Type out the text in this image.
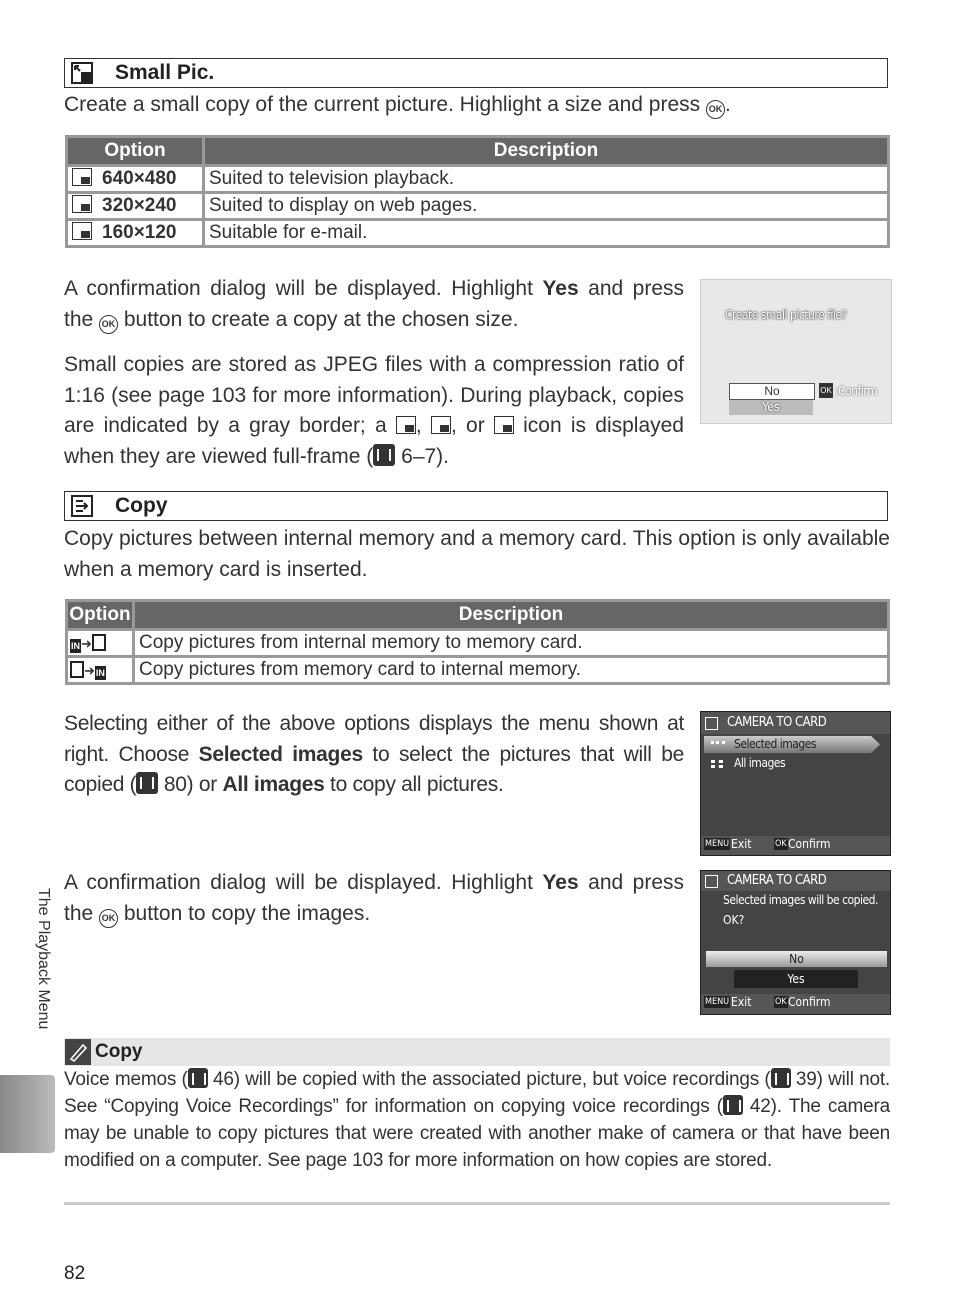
Small Pic.
Create a small copy of the current picture. Highlight a size and press OK .
Option	Description
640×480	Suited to television playback.
320×240	Suited to display on web pages.
160×120	Suitable for e-mail.
A confirmation dialog will be displayed. Highlight Yes and press the OK button to create a copy at the chosen size.
Small copies are stored as JPEG files with a compression ratio of 1:16 (see page 103 for more information). During playback, copies are indicated by a gray border; a , , or  icon is displayed when they are viewed full-frame ( 6–7).
Create small picture file?
No
Yes
OK :Confirm
Copy
Copy pictures between internal memory and a memory card. This option is only available when a memory card is inserted.
Option	Description
IN➜	Copy pictures from internal memory to memory card.
➜IN	Copy pictures from memory card to internal memory.
Selecting either of the above options displays the menu shown at right. Choose Selected images to select the pictures that will be copied ( 80) or All images to copy all pictures.
CAMERA TO CARD
Selected images
All images
MENU Exit	OK Confirm
A confirmation dialog will be displayed. Highlight Yes and press the OK button to copy the images.
CAMERA TO CARD
Selected images will be copied.
OK?
No
Yes
MENU Exit	OK Confirm
Copy
Voice memos ( 46) will be copied with the associated picture, but voice recordings ( 39) will not. See “Copying Voice Recordings” for information on copying voice recordings ( 42). The camera may be unable to copy pictures that were created with another make of camera or that have been modified on a computer. See page 103 for more information on how copies are stored.
The Playback Menu
82
